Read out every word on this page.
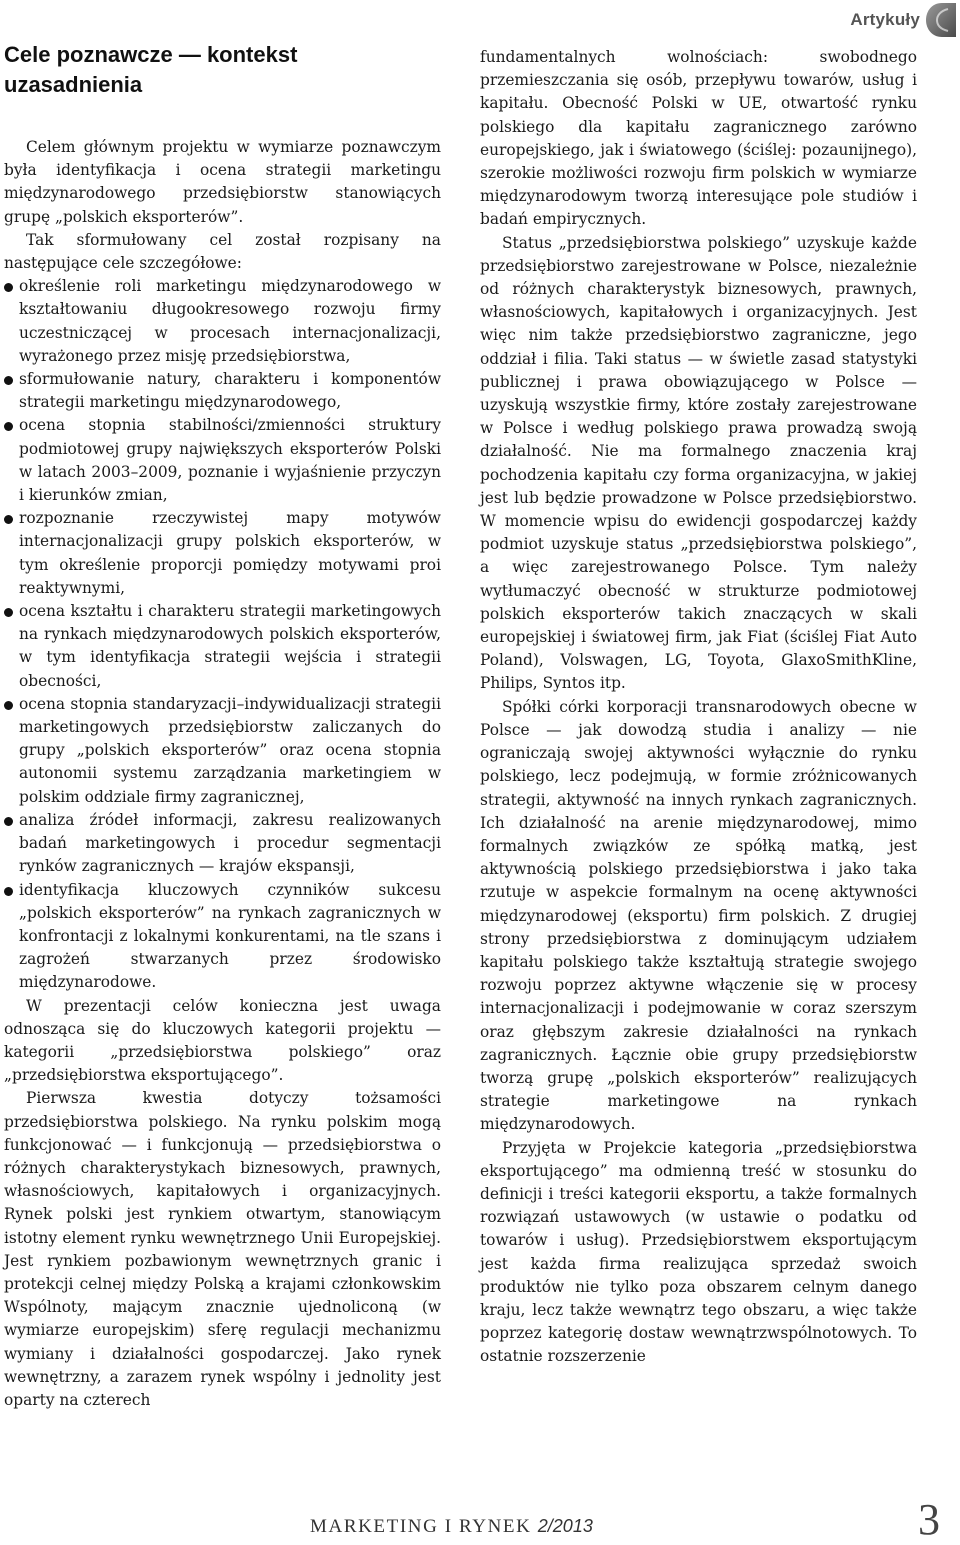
Artykuły
Cele poznawcze — kontekst uzasadnienia

Celem głównym projektu w wymiarze poznawczym była identyfikacja i ocena strategii marketingu międzynarodowego przedsiębiorstw stanowiących grupę „polskich eksporterów”.

Tak sformułowany cel został rozpisany na następujące cele szczegółowe:

określenie roli marketingu międzynarodowego w kształtowaniu długookresowego rozwoju firmy uczestniczącej w procesach internacjonalizacji, wyrażonego przez misję przedsiębiorstwa,
sformułowanie natury, charakteru i komponentów strategii marketingu międzynarodowego,
ocena stopnia stabilności/zmienności struktury podmiotowej grupy największych eksporterów Polski w latach 2003–2009, poznanie i wyjaśnienie przyczyn i kierunków zmian,
rozpoznanie rzeczywistej mapy motywów internacjonalizacji grupy polskich eksporterów, w tym określenie proporcji pomiędzy motywami proi reaktywnymi,
ocena kształtu i charakteru strategii marketingowych na rynkach międzynarodowych polskich eksporterów, w tym identyfikacja strategii wejścia i strategii obecności,
ocena stopnia standaryzacji–indywidualizacji strategii marketingowych przedsiębiorstw zaliczanych do grupy „polskich eksporterów” oraz ocena stopnia autonomii systemu zarządzania marketingiem w polskim oddziale firmy zagranicznej,
analiza źródeł informacji, zakresu realizowanych badań marketingowych i procedur segmentacji rynków zagranicznych — krajów ekspansji,
identyfikacja kluczowych czynników sukcesu „polskich eksporterów” na rynkach zagranicznych w konfrontacji z lokalnymi konkurentami, na tle szans i zagrożeń stwarzanych przez środowisko międzynarodowe.

W prezentacji celów konieczna jest uwaga odnosząca się do kluczowych kategorii projektu — kategorii „przedsiębiorstwa polskiego” oraz „przedsiębiorstwa eksportującego”.

Pierwsza kwestia dotyczy tożsamości przedsiębiorstwa polskiego. Na rynku polskim mogą funkcjonować — i funkcjonują — przedsiębiorstwa o różnych charakterystykach biznesowych, prawnych, własnościowych, kapitałowych i organizacyjnych. Rynek polski jest rynkiem otwartym, stanowiącym istotny element rynku wewnętrznego Unii Europejskiej. Jest rynkiem pozbawionym wewnętrznych granic i protekcji celnej między Polską a krajami członkowskim Wspólnoty, mającym znacznie ujednoliconą (w wymiarze europejskim) sferę regulacji mechanizmu wymiany i działalności gospodarczej. Jako rynek wewnętrzny, a zarazem rynek wspólny i jednolity jest oparty na czterech

fundamentalnych wolnościach: swobodnego przemieszczania się osób, przepływu towarów, usług i kapitału. Obecność Polski w UE, otwartość rynku polskiego dla kapitału zagranicznego zarówno europejskiego, jak i światowego (ściślej: pozaunijnego), szerokie możliwości rozwoju firm polskich w wymiarze międzynarodowym tworzą interesujące pole studiów i badań empirycznych.

Status „przedsiębiorstwa polskiego” uzyskuje każde przedsiębiorstwo zarejestrowane w Polsce, niezależnie od różnych charakterystyk biznesowych, prawnych, własnościowych, kapitałowych i organizacyjnych. Jest więc nim także przedsiębiorstwo zagraniczne, jego oddział i filia. Taki status — w świetle zasad statystyki publicznej i prawa obowiązującego w Polsce — uzyskują wszystkie firmy, które zostały zarejestrowane w Polsce i według polskiego prawa prowadzą swoją działalność. Nie ma formalnego znaczenia kraj pochodzenia kapitału czy forma organizacyjna, w jakiej jest lub będzie prowadzone w Polsce przedsiębiorstwo. W momencie wpisu do ewidencji gospodarczej każdy podmiot uzyskuje status „przedsiębiorstwa polskiego”, a więc zarejestrowanego Polsce. Tym należy wytłumaczyć obecność w strukturze podmiotowej polskich eksporterów takich znaczących w skali europejskiej i światowej firm, jak Fiat (ściślej Fiat Auto Poland), Volswagen, LG, Toyota, GlaxoSmithKline, Philips, Syntos itp.

Spółki córki korporacji transnarodowych obecne w Polsce — jak dowodzą studia i analizy — nie ograniczają swojej aktywności wyłącznie do rynku polskiego, lecz podejmują, w formie zróżnicowanych strategii, aktywność na innych rynkach zagranicznych. Ich działalność na arenie międzynarodowej, mimo formalnych związków ze spółką matką, jest aktywnością polskiego przedsiębiorstwa i jako taka rzutuje w aspekcie formalnym na ocenę aktywności międzynarodowej (eksportu) firm polskich. Z drugiej strony przedsiębiorstwa z dominującym udziałem kapitału polskiego także kształtują strategie swojego rozwoju poprzez aktywne włączenie się w procesy internacjonalizacji i podejmowanie w coraz szerszym oraz głębszym zakresie działalności na rynkach zagranicznych. Łącznie obie grupy przedsiębiorstw tworzą grupę „polskich eksporterów” realizujących strategie marketingowe na rynkach międzynarodowych.

Przyjęta w Projekcie kategoria „przedsiębiorstwa eksportującego” ma odmienną treść w stosunku do definicji i treści kategorii eksportu, a także formalnych rozwiązań ustawowych (w ustawie o podatku od towarów i usług). Przedsiębiorstwem eksportującym jest każda firma realizująca sprzedaż swoich produktów nie tylko poza obszarem celnym danego kraju, lecz także wewnątrz tego obszaru, a więc także poprzez kategorię dostaw wewnątrzwspólnotowych. To ostatnie rozszerzenie

MARKETING I RYNEK 2/2013	3
